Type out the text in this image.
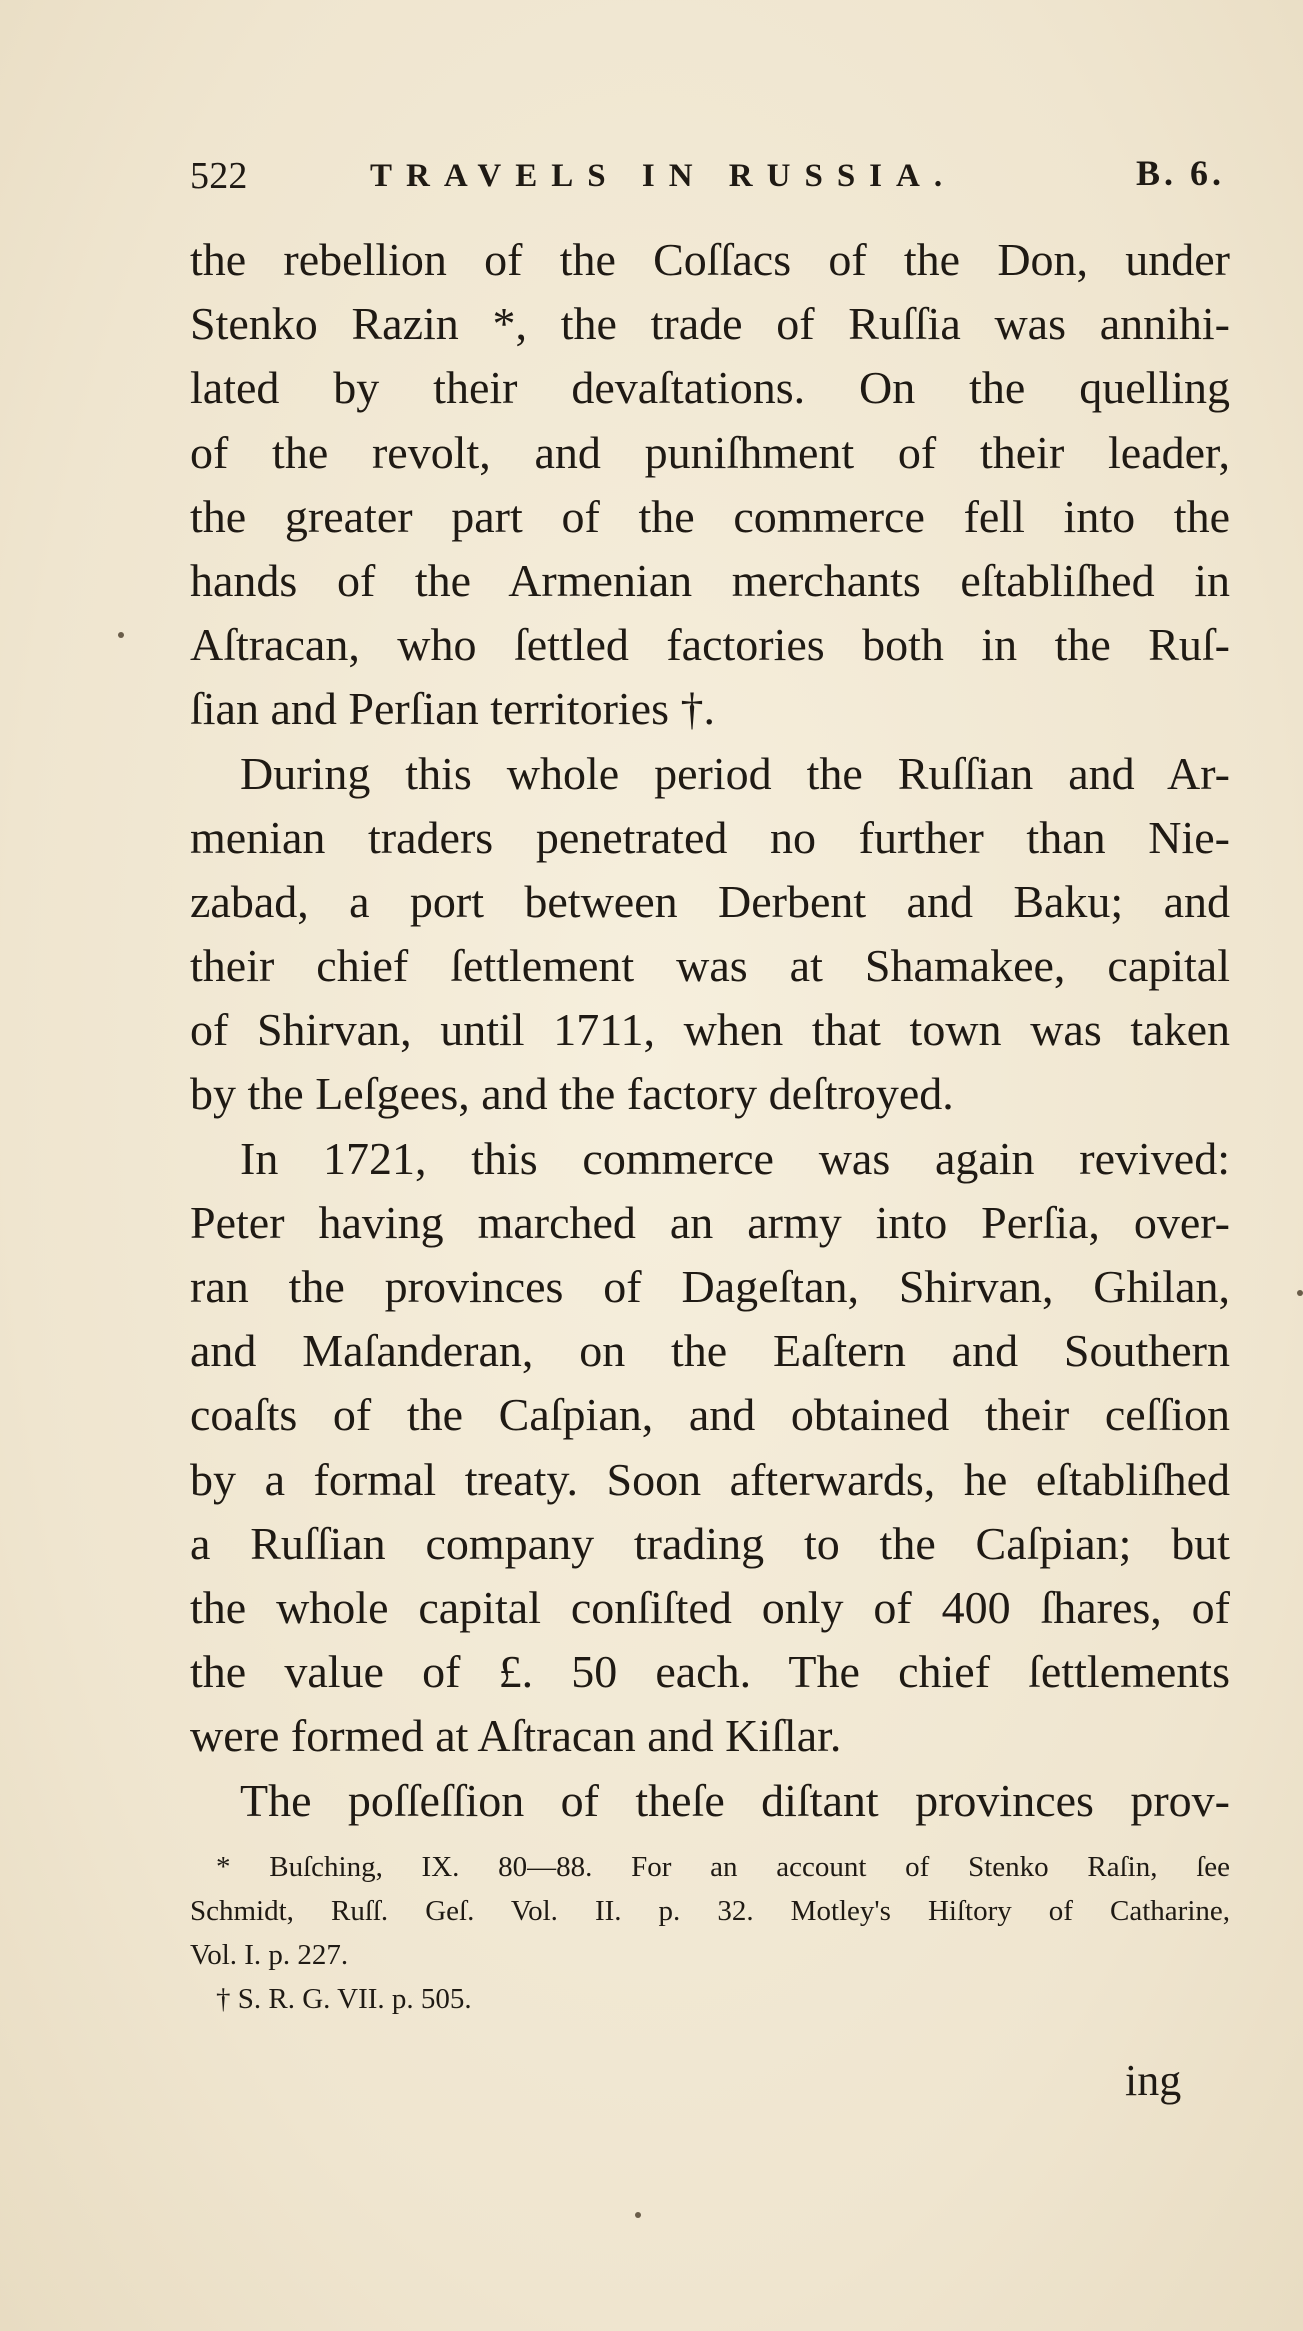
522	TRAVELS IN RUSSIA.	B. 6.
the rebellion of the Coſſacs of the Don, under
Stenko Razin *, the trade of Ruſſia was annihi-
lated by their devaſtations. On the quelling
of the revolt, and puniſhment of their leader,
the greater part of the commerce fell into the
hands of the Armenian merchants eſtabliſhed in
Aſtracan, who ſettled factories both in the Ruſ-
ſian and Perſian territories †.
During this whole period the Ruſſian and Ar-
menian traders penetrated no further than Nie-
zabad, a port between Derbent and Baku; and
their chief ſettlement was at Shamakee, capital
of Shirvan, until 1711, when that town was taken
by the Leſgees, and the factory deſtroyed.
In 1721, this commerce was again revived:
Peter having marched an army into Perſia, over-
ran the provinces of Dageſtan, Shirvan, Ghilan,
and Maſanderan, on the Eaſtern and Southern
coaſts of the Caſpian, and obtained their ceſſion
by a formal treaty. Soon afterwards, he eſtabliſhed
a Ruſſian company trading to the Caſpian; but
the whole capital conſiſted only of 400 ſhares, of
the value of £. 50 each. The chief ſettlements
were formed at Aſtracan and Kiſlar.
The poſſeſſion of theſe diſtant provinces prov-
* Buſching, IX. 80—88. For an account of Stenko Raſin, ſee
Schmidt, Ruſſ. Geſ. Vol. II. p. 32. Motley's Hiſtory of Catharine,
Vol. I. p. 227.
† S. R. G. VII. p. 505.
ing
